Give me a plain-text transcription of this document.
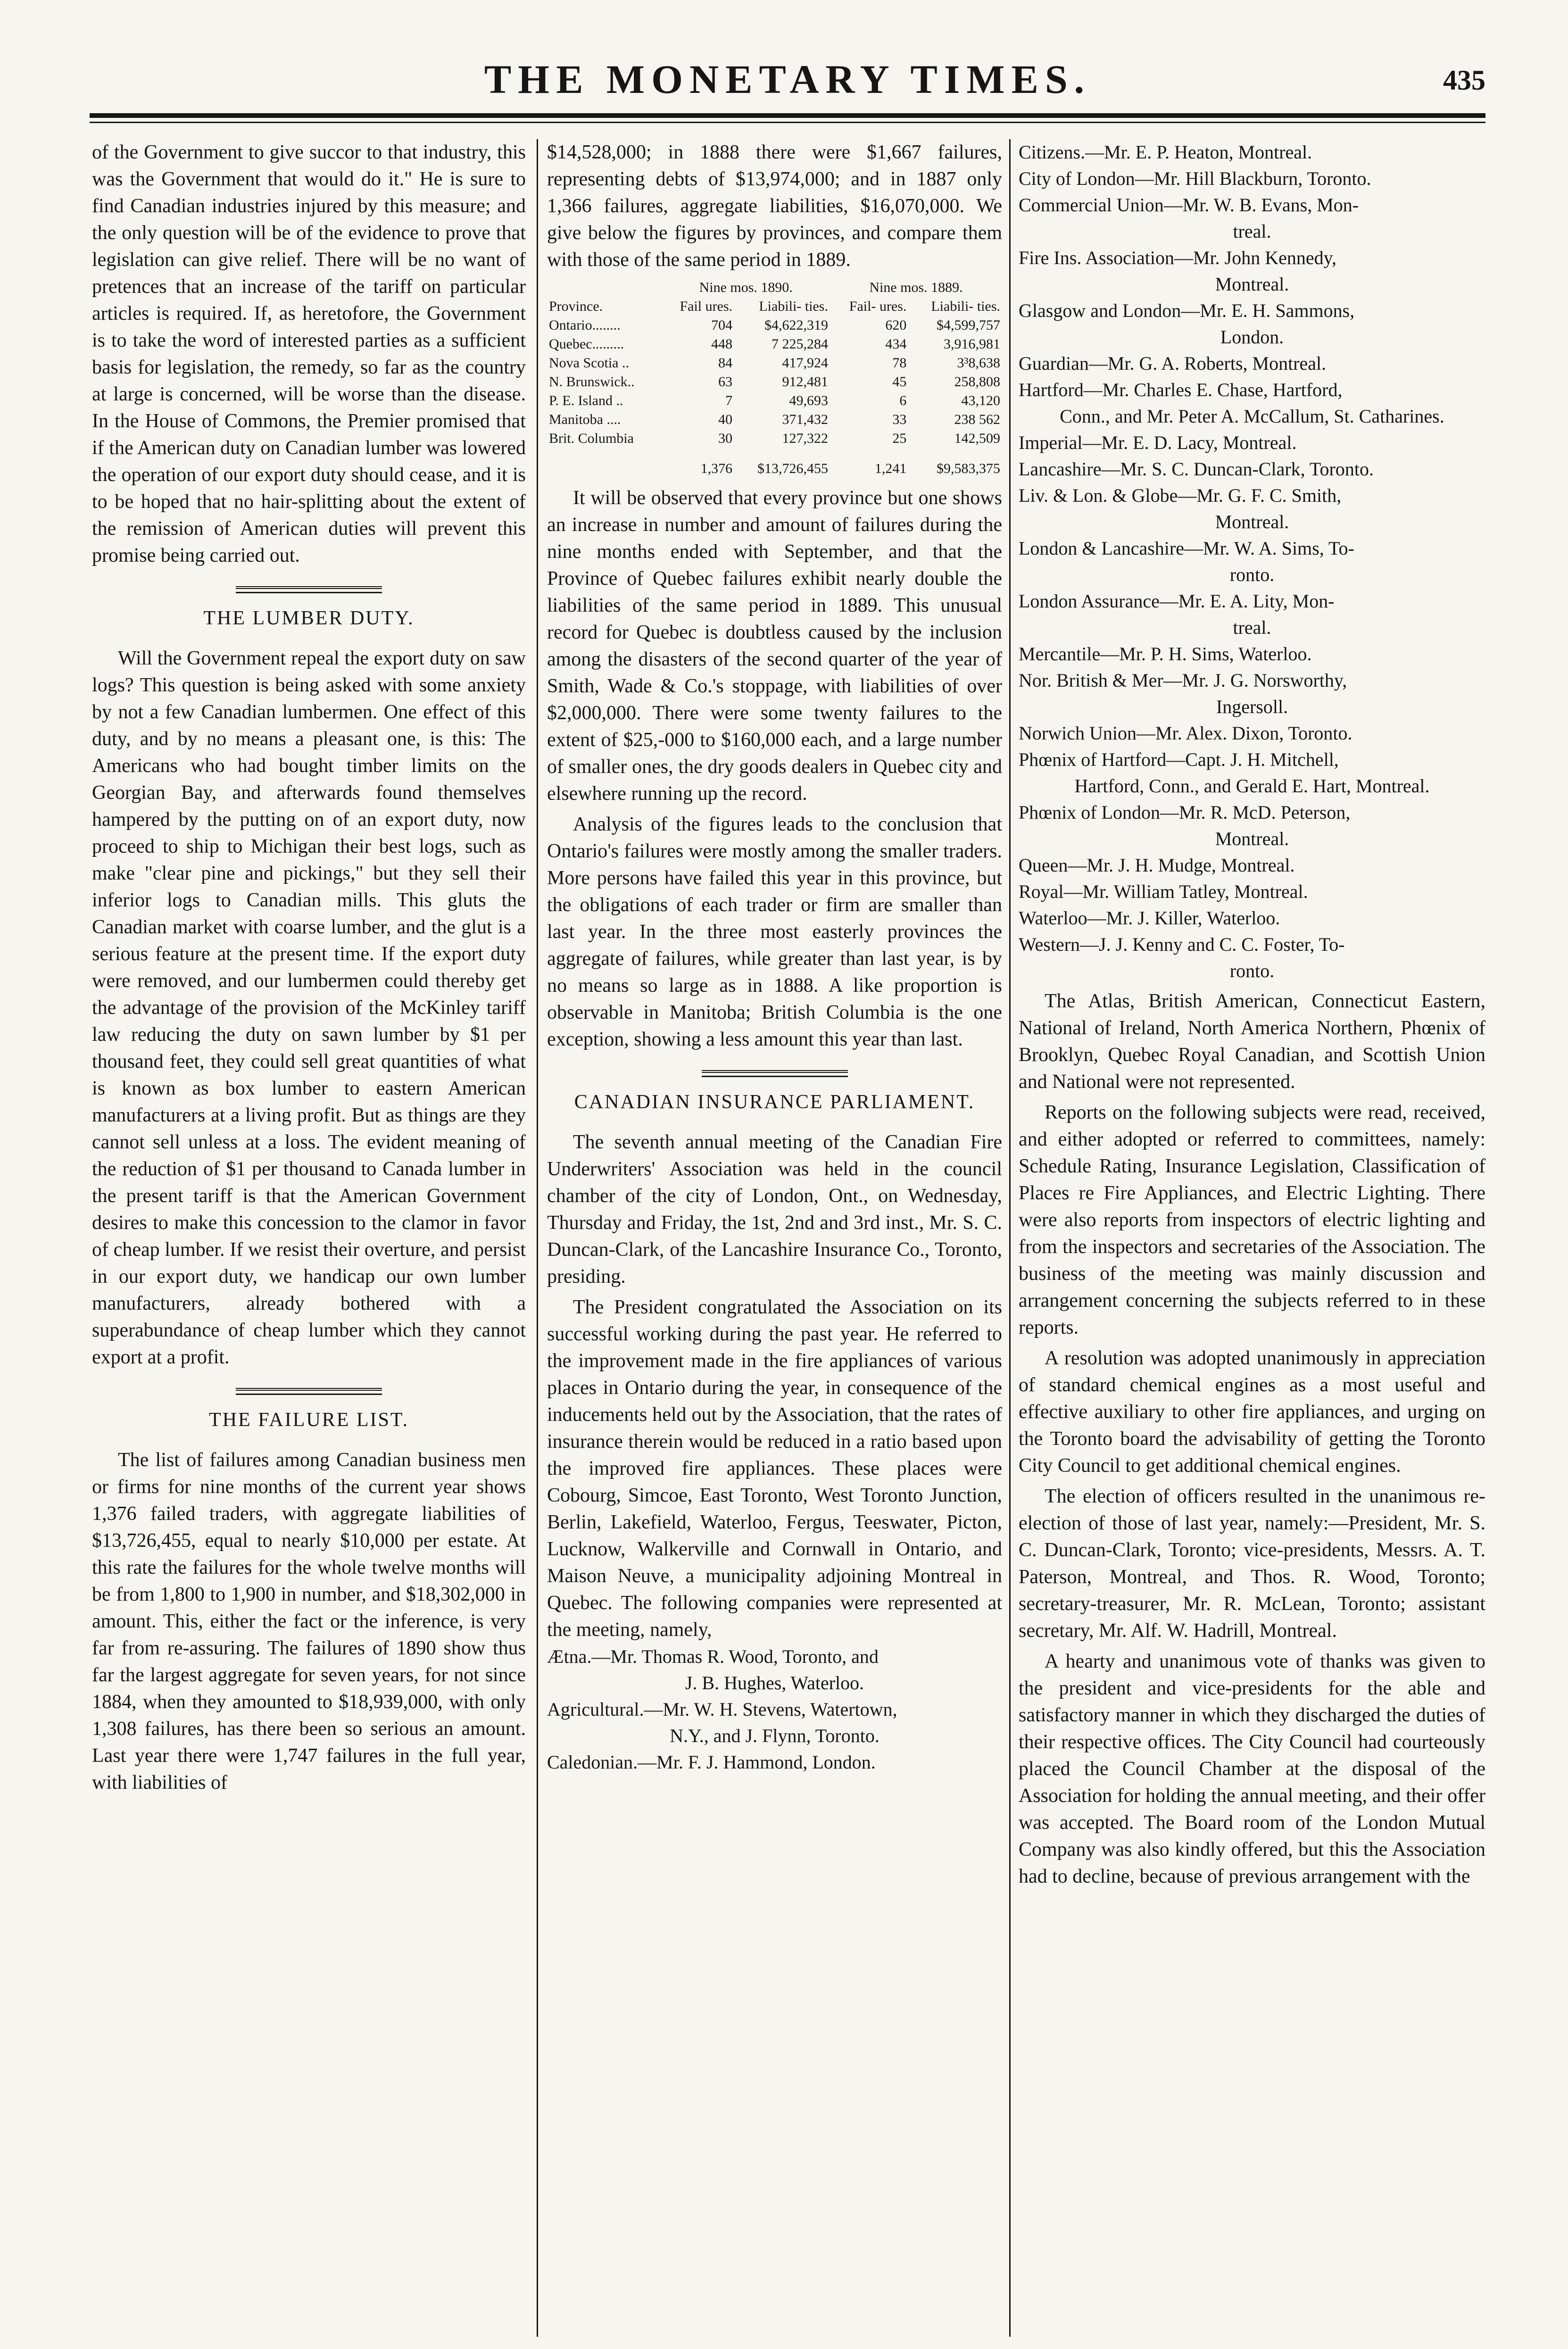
THE MONETARY TIMES.	435

of the Government to give succor to that industry, this was the Government that would do it." He is sure to find Canadian industries injured by this measure; and the only question will be of the evidence to prove that legislation can give relief. There will be no want of pretences that an increase of the tariff on particular articles is required. If, as heretofore, the Government is to take the word of interested parties as a sufficient basis for legislation, the remedy, so far as the country at large is concerned, will be worse than the disease. In the House of Commons, the Premier promised that if the American duty on Canadian lumber was lowered the operation of our export duty should cease, and it is to be hoped that no hair-splitting about the extent of the remission of American duties will prevent this promise being carried out.

THE LUMBER DUTY.

Will the Government repeal the export duty on saw logs? This question is being asked with some anxiety by not a few Canadian lumbermen. One effect of this duty, and by no means a pleasant one, is this: The Americans who had bought timber limits on the Georgian Bay, and afterwards found themselves hampered by the putting on of an export duty, now proceed to ship to Michigan their best logs, such as make "clear pine and pickings," but they sell their inferior logs to Canadian mills. This gluts the Canadian market with coarse lumber, and the glut is a serious feature at the present time. If the export duty were removed, and our lumbermen could thereby get the advantage of the provision of the McKinley tariff law reducing the duty on sawn lumber by $1 per thousand feet, they could sell great quantities of what is known as box lumber to eastern American manufacturers at a living profit. But as things are they cannot sell unless at a loss. The evident meaning of the reduction of $1 per thousand to Canada lumber in the present tariff is that the American Government desires to make this concession to the clamor in favor of cheap lumber. If we resist their overture, and persist in our export duty, we handicap our own lumber manufacturers, already bothered with a superabundance of cheap lumber which they cannot export at a profit.

THE FAILURE LIST.

The list of failures among Canadian business men or firms for nine months of the current year shows 1,376 failed traders, with aggregate liabilities of $13,726,455, equal to nearly $10,000 per estate. At this rate the failures for the whole twelve months will be from 1,800 to 1,900 in number, and $18,302,000 in amount. This, either the fact or the inference, is very far from re-assuring. The failures of 1890 show thus far the largest aggregate for seven years, for not since 1884, when they amounted to $18,939,000, with only 1,308 failures, has there been so serious an amount. Last year there were 1,747 failures in the full year, with liabilities of

$14,528,000; in 1888 there were $1,667 failures, representing debts of $13,974,000; and in 1887 only 1,366 failures, aggregate liabilities, $16,070,000. We give below the figures by provinces, and compare them with those of the same period in 1889.

	Nine mos. 1890.		Nine mos. 1889.	
Province.	Fail ures.	Liabili- ties.	Fail- ures.	Liabili- ties.
Ontario........	704	$4,622,319	620	$4,599,757
Quebec.........	448	7 225,284	434	3,916,981
Nova Scotia ..	84	417,924	78	3³8,638
N. Brunswick..	63	912,481	45	258,808
P. E. Island ..	7	49,693	6	43,120
Manitoba ....	40	371,432	33	238 562
Brit. Columbia	30	127,322	25	142,509
	1,376	$13,726,455	1,241	$9,583,375

It will be observed that every province but one shows an increase in number and amount of failures during the nine months ended with September, and that the Province of Quebec failures exhibit nearly double the liabilities of the same period in 1889. This unusual record for Quebec is doubtless caused by the inclusion among the disasters of the second quarter of the year of Smith, Wade & Co.'s stoppage, with liabilities of over $2,000,000. There were some twenty failures to the extent of $25,-000 to $160,000 each, and a large number of smaller ones, the dry goods dealers in Quebec city and elsewhere running up the record.

Analysis of the figures leads to the conclusion that Ontario's failures were mostly among the smaller traders. More persons have failed this year in this province, but the obligations of each trader or firm are smaller than last year. In the three most easterly provinces the aggregate of failures, while greater than last year, is by no means so large as in 1888. A like proportion is observable in Manitoba; British Columbia is the one exception, showing a less amount this year than last.

CANADIAN INSURANCE PARLIAMENT.

The seventh annual meeting of the Canadian Fire Underwriters' Association was held in the council chamber of the city of London, Ont., on Wednesday, Thursday and Friday, the 1st, 2nd and 3rd inst., Mr. S. C. Duncan-Clark, of the Lancashire Insurance Co., Toronto, presiding.

The President congratulated the Association on its successful working during the past year. He referred to the improvement made in the fire appliances of various places in Ontario during the year, in consequence of the inducements held out by the Association, that the rates of insurance therein would be reduced in a ratio based upon the improved fire appliances. These places were Cobourg, Simcoe, East Toronto, West Toronto Junction, Berlin, Lakefield, Waterloo, Fergus, Teeswater, Picton, Lucknow, Walkerville and Cornwall in Ontario, and Maison Neuve, a municipality adjoining Montreal in Quebec. The following companies were represented at the meeting, namely,

Ætna.—Mr. Thomas R. Wood, Toronto, and
J. B. Hughes, Waterloo.

Agricultural.—Mr. W. H. Stevens, Watertown,
N.Y., and J. Flynn, Toronto.

Caledonian.—Mr. F. J. Hammond, London.

Citizens.—Mr. E. P. Heaton, Montreal.

City of London—Mr. Hill Blackburn, Toronto.

Commercial Union—Mr. W. B. Evans, Mon-
treal.

Fire Ins. Association—Mr. John Kennedy,
Montreal.

Glasgow and London—Mr. E. H. Sammons,
London.

Guardian—Mr. G. A. Roberts, Montreal.

Hartford—Mr. Charles E. Chase, Hartford,
Conn., and Mr. Peter A. McCallum, St. Catharines.

Imperial—Mr. E. D. Lacy, Montreal.

Lancashire—Mr. S. C. Duncan-Clark, Toronto.

Liv. & Lon. & Globe—Mr. G. F. C. Smith,
Montreal.

London & Lancashire—Mr. W. A. Sims, To-
ronto.

London Assurance—Mr. E. A. Lity, Mon-
treal.

Mercantile—Mr. P. H. Sims, Waterloo.

Nor. British & Mer—Mr. J. G. Norsworthy,
Ingersoll.

Norwich Union—Mr. Alex. Dixon, Toronto.

Phœnix of Hartford—Capt. J. H. Mitchell,
Hartford, Conn., and Gerald E. Hart, Montreal.

Phœnix of London—Mr. R. McD. Peterson,
Montreal.

Queen—Mr. J. H. Mudge, Montreal.

Royal—Mr. William Tatley, Montreal.

Waterloo—Mr. J. Killer, Waterloo.

Western—J. J. Kenny and C. C. Foster, To-
ronto.

The Atlas, British American, Connecticut Eastern, National of Ireland, North America Northern, Phœnix of Brooklyn, Quebec Royal Canadian, and Scottish Union and National were not represented.

Reports on the following subjects were read, received, and either adopted or referred to committees, namely: Schedule Rating, Insurance Legislation, Classification of Places re Fire Appliances, and Electric Lighting. There were also reports from inspectors of electric lighting and from the inspectors and secretaries of the Association. The business of the meeting was mainly discussion and arrangement concerning the subjects referred to in these reports.

A resolution was adopted unanimously in appreciation of standard chemical engines as a most useful and effective auxiliary to other fire appliances, and urging on the Toronto board the advisability of getting the Toronto City Council to get additional chemical engines.

The election of officers resulted in the unanimous re-election of those of last year, namely:—President, Mr. S. C. Duncan-Clark, Toronto; vice-presidents, Messrs. A. T. Paterson, Montreal, and Thos. R. Wood, Toronto; secretary-treasurer, Mr. R. McLean, Toronto; assistant secretary, Mr. Alf. W. Hadrill, Montreal.

A hearty and unanimous vote of thanks was given to the president and vice-presidents for the able and satisfactory manner in which they discharged the duties of their respective offices. The City Council had courteously placed the Council Chamber at the disposal of the Association for holding the annual meeting, and their offer was accepted. The Board room of the London Mutual Company was also kindly offered, but this the Association had to decline, because of previous arrangement with the
